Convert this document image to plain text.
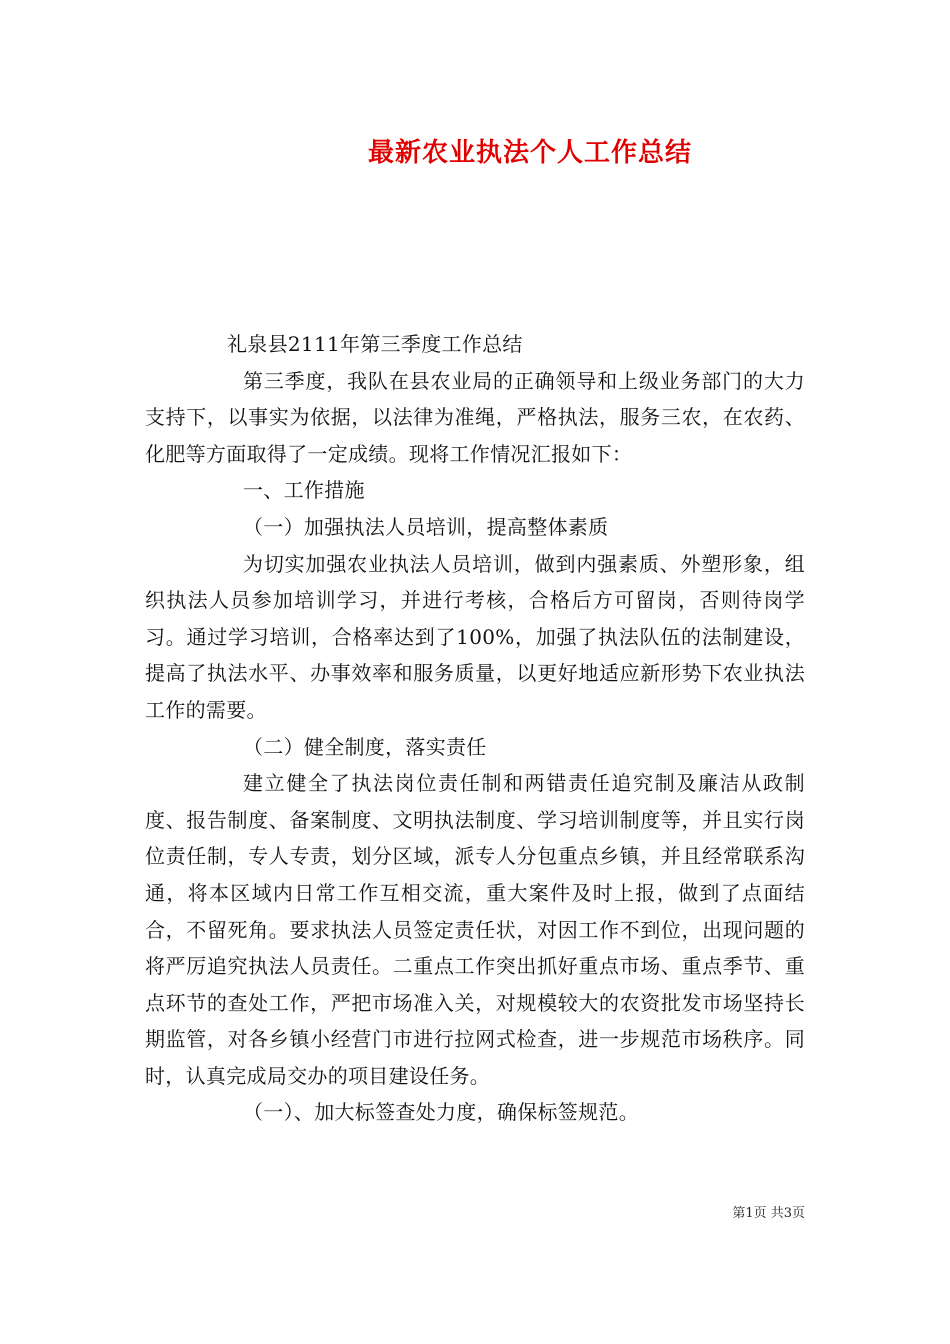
最新农业执法个人工作总结

礼泉县2111年第三季度工作总结

第三季度，我队在县农业局的正确领导和上级业务部门的大力支持下，以事实为依据，以法律为准绳，严格执法，服务三农，在农药、化肥等方面取得了一定成绩。现将工作情况汇报如下：

一、工作措施

（一）加强执法人员培训，提高整体素质

为切实加强农业执法人员培训，做到内强素质、外塑形象，组织执法人员参加培训学习，并进行考核，合格后方可留岗，否则待岗学习。通过学习培训，合格率达到了100%，加强了执法队伍的法制建设，提高了执法水平、办事效率和服务质量，以更好地适应新形势下农业执法工作的需要。

（二）健全制度，落实责任

建立健全了执法岗位责任制和两错责任追究制及廉洁从政制度、报告制度、备案制度、文明执法制度、学习培训制度等，并且实行岗位责任制，专人专责，划分区域，派专人分包重点乡镇，并且经常联系沟通，将本区域内日常工作互相交流，重大案件及时上报，做到了点面结合，不留死角。要求执法人员签定责任状，对因工作不到位，出现问题的将严厉追究执法人员责任。二重点工作突出抓好重点市场、重点季节、重点环节的查处工作，严把市场准入关，对规模较大的农资批发市场坚持长期监管，对各乡镇小经营门市进行拉网式检查，进一步规范市场秩序。同时，认真完成局交办的项目建设任务。

（一）、加大标签查处力度，确保标签规范。

第1页 共3页
